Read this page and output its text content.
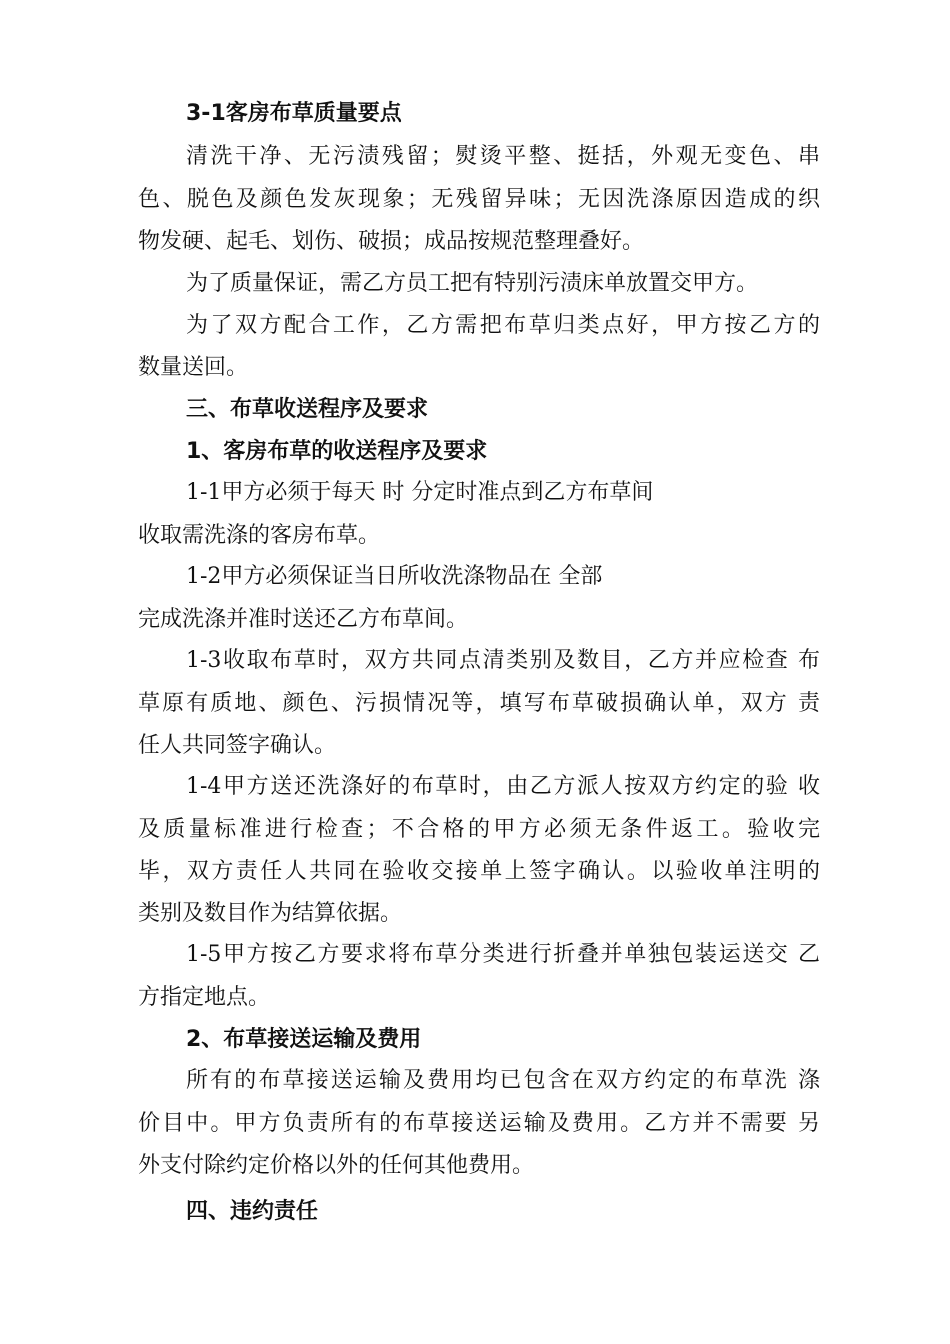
3-1客房布草质量要点
清洗干净、无污渍残留；熨烫平整、挺括，外观无变色、串
色、脱色及颜色发灰现象；无残留异味；无因洗涤原因造成的织
物发硬、起毛、划伤、破损；成品按规范整理叠好。
为了质量保证，需乙方员工把有特别污渍床单放置交甲方。
为了双方配合工作，乙方需把布草归类点好，甲方按乙方的
数量送回。
三、布草收送程序及要求
1、客房布草的收送程序及要求
1-1甲方必须于每天 时 分定时准点到乙方布草间
收取需洗涤的客房布草。
1-2甲方必须保证当日所收洗涤物品在 全部
完成洗涤并准时送还乙方布草间。
1-3收取布草时，双方共同点清类别及数目，乙方并应检查 布
草原有质地、颜色、污损情况等，填写布草破损确认单，双方 责
任人共同签字确认。
1-4甲方送还洗涤好的布草时，由乙方派人按双方约定的验 收
及质量标准进行检查；不合格的甲方必须无条件返工。验收完
毕，双方责任人共同在验收交接单上签字确认。以验收单注明的
类别及数目作为结算依据。
1-5甲方按乙方要求将布草分类进行折叠并单独包装运送交 乙
方指定地点。
2、布草接送运输及费用
所有的布草接送运输及费用均已包含在双方约定的布草洗 涤
价目中。甲方负责所有的布草接送运输及费用。乙方并不需要 另
外支付除约定价格以外的任何其他费用。
四、违约责任
